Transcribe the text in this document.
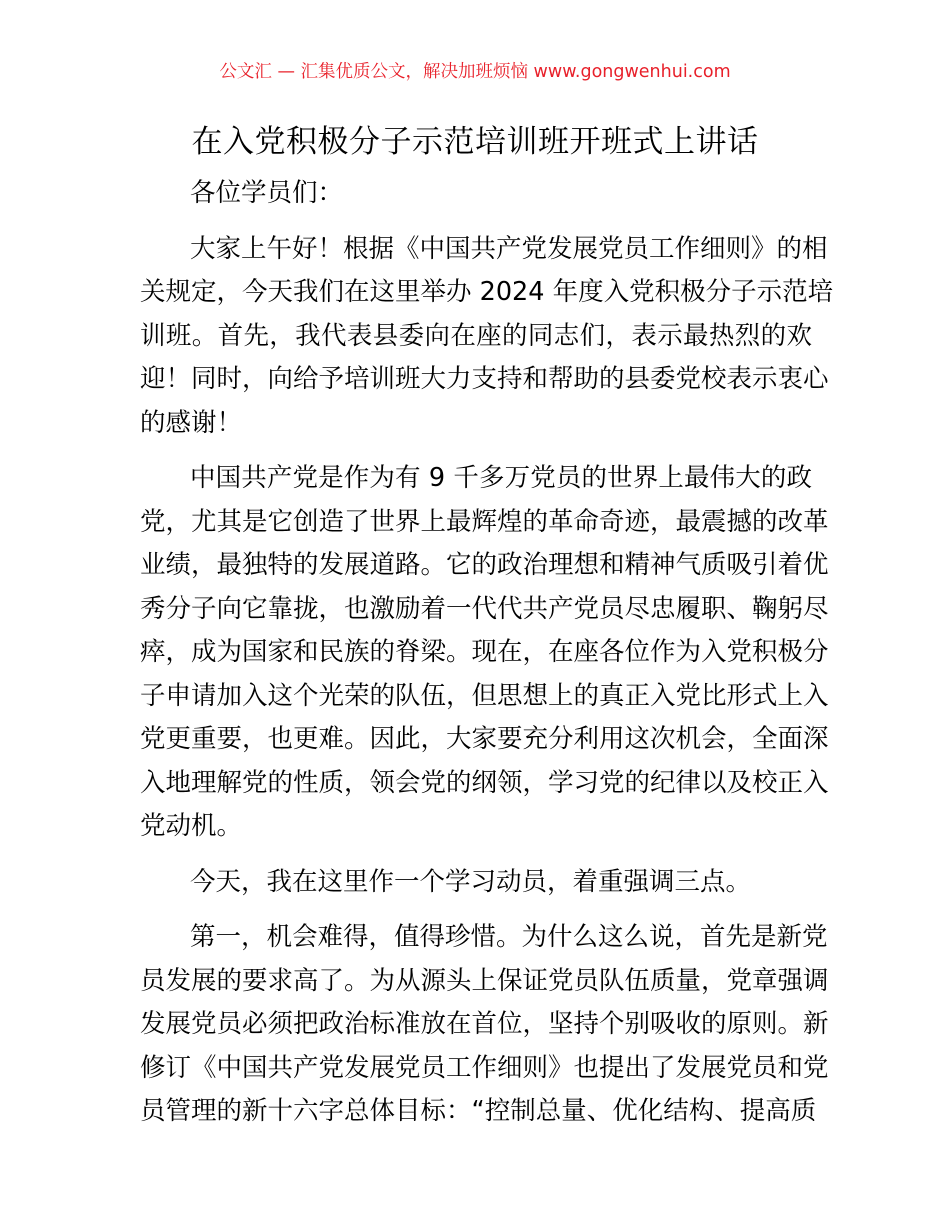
公文汇 — 汇集优质公文，解决加班烦恼 www.gongwenhui.com
在入党积极分子示范培训班开班式上讲话
各位学员们：
大家上午好！根据《中国共产党发展党员工作细则》的相
关规定，今天我们在这里举办 2024 年度入党积极分子示范培
训班。首先，我代表县委向在座的同志们，表示最热烈的欢
迎！同时，向给予培训班大力支持和帮助的县委党校表示衷心
的感谢！
中国共产党是作为有 9 千多万党员的世界上最伟大的政
党，尤其是它创造了世界上最辉煌的革命奇迹，最震撼的改革
业绩，最独特的发展道路。它的政治理想和精神气质吸引着优
秀分子向它靠拢，也激励着一代代共产党员尽忠履职、鞠躬尽
瘁，成为国家和民族的脊梁。现在，在座各位作为入党积极分
子申请加入这个光荣的队伍，但思想上的真正入党比形式上入
党更重要，也更难。因此，大家要充分利用这次机会，全面深
入地理解党的性质，领会党的纲领，学习党的纪律以及校正入
党动机。
今天，我在这里作一个学习动员，着重强调三点。
第一，机会难得，值得珍惜。为什么这么说，首先是新党
员发展的要求高了。为从源头上保证党员队伍质量，党章强调
发展党员必须把政治标准放在首位，坚持个别吸收的原则。新
修订《中国共产党发展党员工作细则》也提出了发展党员和党
员管理的新十六字总体目标：“控制总量、优化结构、提高质
